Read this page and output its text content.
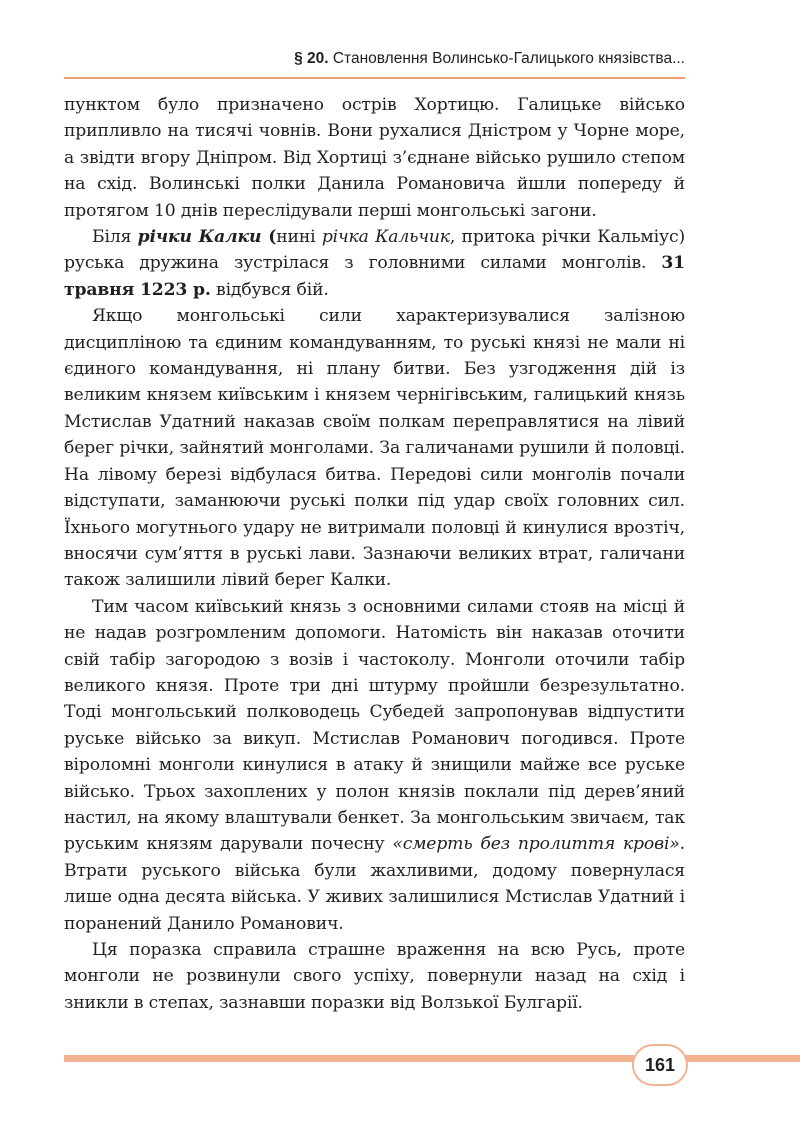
§ 20. Становлення Волинсько-Галицького князівства...

пунктом було призначено острів Хортицю. Галицьке військо припливло на тисячі човнів. Вони рухалися Дністром у Чорне море, а звідти вгору Дніпром. Від Хортиці з’єднане військо рушило степом на схід. Волинські полки Данила Романовича йшли попереду й протягом 10 днів переслідували перші монгольські загони.

Біля річки Калки (нині річка Кальчик, притока річки Кальміус) руська дружина зустрілася з головними силами монголів. 31 травня 1223 р. відбувся бій.

Якщо монгольські сили характеризувалися залізною дисципліною та єдиним командуванням, то руські князі не мали ні єдиного командування, ні плану битви. Без узгодження дій із великим князем київським і князем чернігівським, галицький князь Мстислав Удатний наказав своїм полкам переправлятися на лівий берег річки, зайнятий монголами. За галичанами рушили й половці. На лівому березі відбулася битва. Передові сили монголів почали відступати, заманюючи руські полки під удар своїх головних сил. Їхнього могутнього удару не витримали половці й кинулися врозтіч, вносячи сум’яття в руські лави. Зазнаючи великих втрат, галичани також залишили лівий берег Калки.

Тим часом київський князь з основними силами стояв на місці й не надав розгромленим допомоги. Натомість він наказав оточити свій табір загородою з возів і частоколу. Монголи оточили табір великого князя. Проте три дні штурму пройшли безрезультатно. Тоді монгольський полководець Субедей запропонував відпустити руське військо за викуп. Мстислав Романович погодився. Проте віроломні монголи кинулися в атаку й знищили майже все руське військо. Трьох захоплених у полон князів поклали під дерев’яний настил, на якому влаштували бенкет. За монгольським звичаєм, так руським князям дарували почесну «смерть без пролиття крові». Втрати руського війська були жахливими, додому повернулася лише одна десята війська. У живих залишилися Мстислав Удатний і поранений Данило Романович.

Ця поразка справила страшне враження на всю Русь, проте монголи не розвинули свого успіху, повернули назад на схід і зникли в степах, зазнавши поразки від Волзької Булгарії.

161
